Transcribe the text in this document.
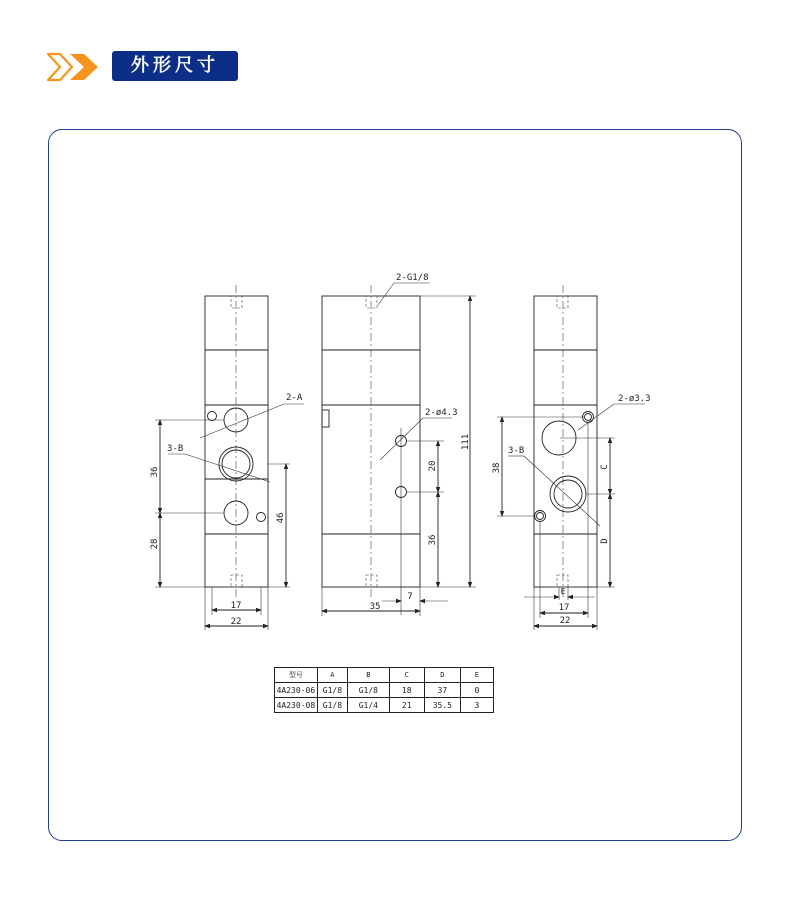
外形尺寸
2-A
3-B
36
28
46
17
22
2-G1/8
2-ø4.3
111
20
36
35
7
2-ø3.3
3-B
38	C
D
E
17
22
型号	A	B	C	D	E
4A230-06	G1/8	G1/8	18	37	0
4A230-08	G1/8	G1/4	21	35.5	3
